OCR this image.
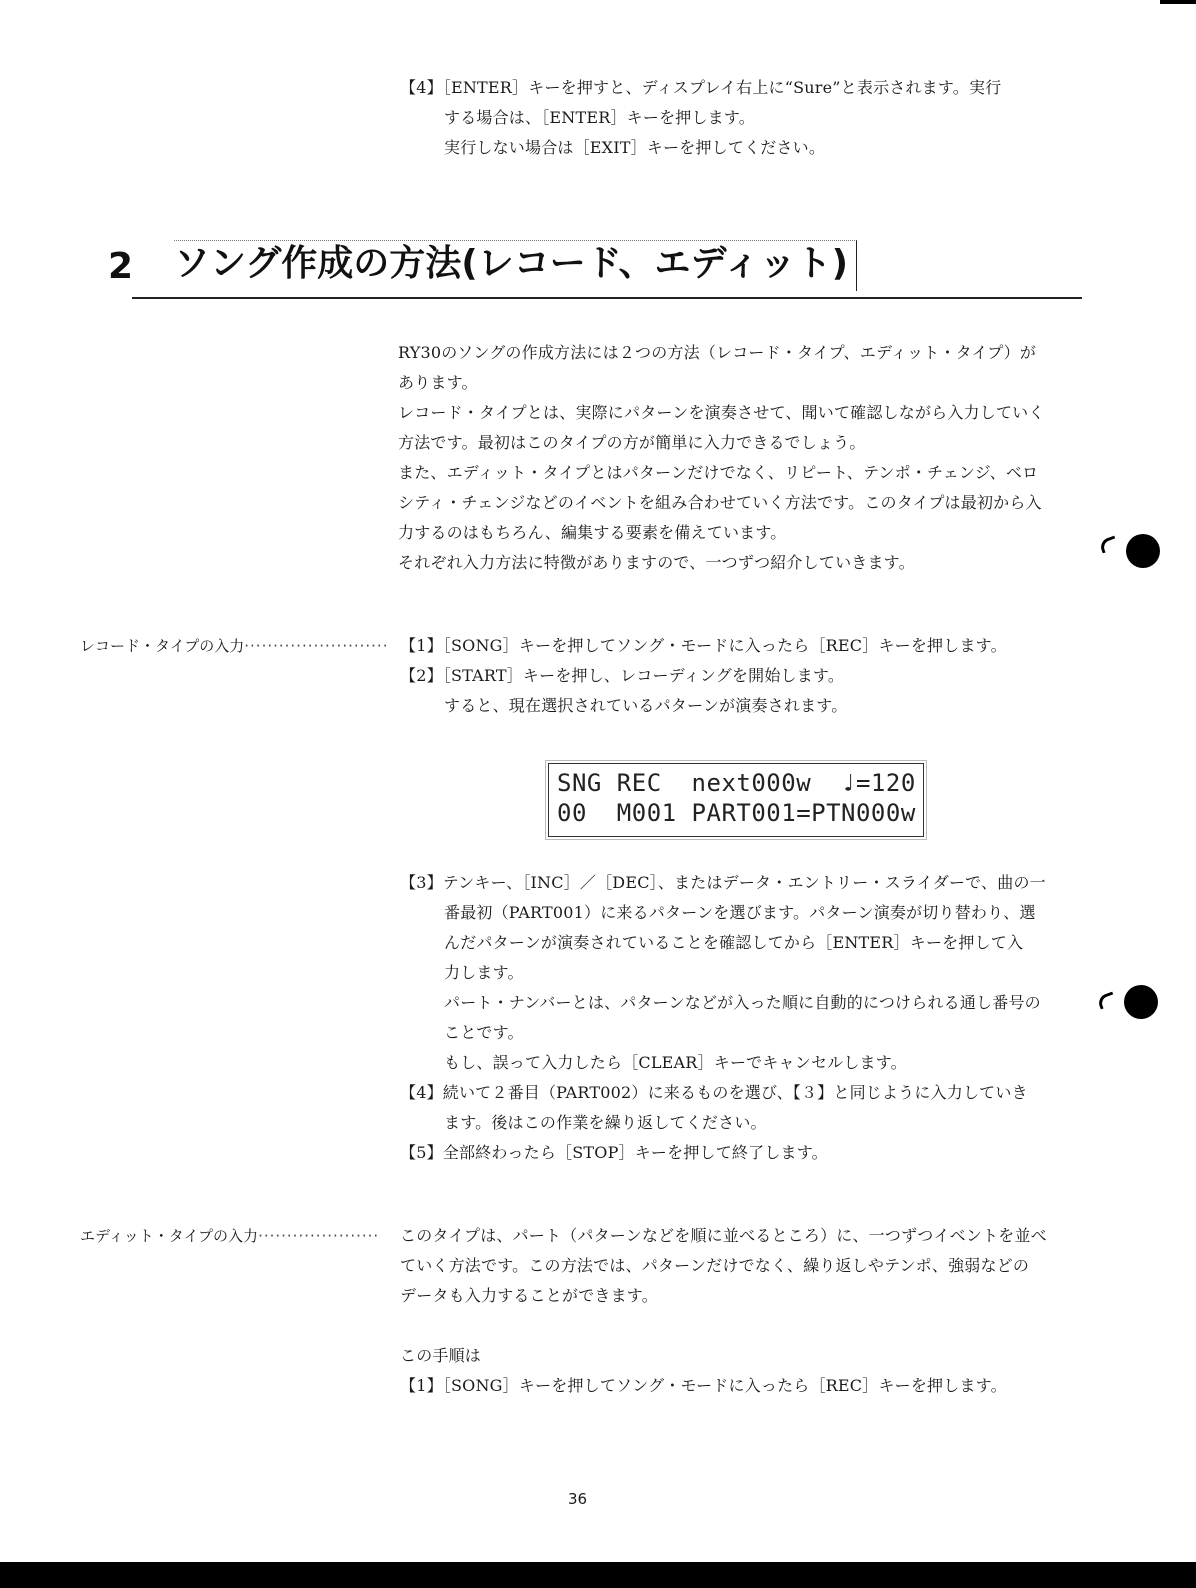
【4】［ENTER］キーを押すと、ディスプレイ右上に“Sure”と表示されます。実行
する場合は、［ENTER］キーを押します。
実行しない場合は［EXIT］キーを押してください。
2 ソング作成の方法(レコード、エディット)
RY30のソングの作成方法には２つの方法（レコード・タイプ、エディット・タイプ）が
あります。
レコード・タイプとは、実際にパターンを演奏させて、聞いて確認しながら入力していく
方法です。最初はこのタイプの方が簡単に入力できるでしょう。
また、エディット・タイプとはパターンだけでなく、リピート、テンポ・チェンジ、ベロ
シティ・チェンジなどのイベントを組み合わせていく方法です。このタイプは最初から入
力するのはもちろん、編集する要素を備えています。
それぞれ入力方法に特徴がありますので、一つずつ紹介していきます。
レコード・タイプの入力························· 【1】［SONG］キーを押してソング・モードに入ったら［REC］キーを押します。
【2】［START］キーを押し、レコーディングを開始します。
すると、現在選択されているパターンが演奏されます。
SNG REC  next000w  ♩=120
00  M001 PART001=PTN000w
【3】テンキー、［INC］／［DEC］、またはデータ・エントリー・スライダーで、曲の一
番最初（PART001）に来るパターンを選びます。パターン演奏が切り替わり、選
んだパターンが演奏されていることを確認してから［ENTER］キーを押して入
力します。
パート・ナンバーとは、パターンなどが入った順に自動的につけられる通し番号の
ことです。
もし、誤って入力したら［CLEAR］キーでキャンセルします。
【4】続いて２番目（PART002）に来るものを選び、【３】と同じように入力していき
ます。後はこの作業を繰り返してください。
【5】全部終わったら［STOP］キーを押して終了します。
エディット・タイプの入力····················· このタイプは、パート（パターンなどを順に並べるところ）に、一つずつイベントを並べ
ていく方法です。この方法では、パターンだけでなく、繰り返しやテンポ、強弱などの
データも入力することができます。
この手順は
【1】［SONG］キーを押してソング・モードに入ったら［REC］キーを押します。
36
